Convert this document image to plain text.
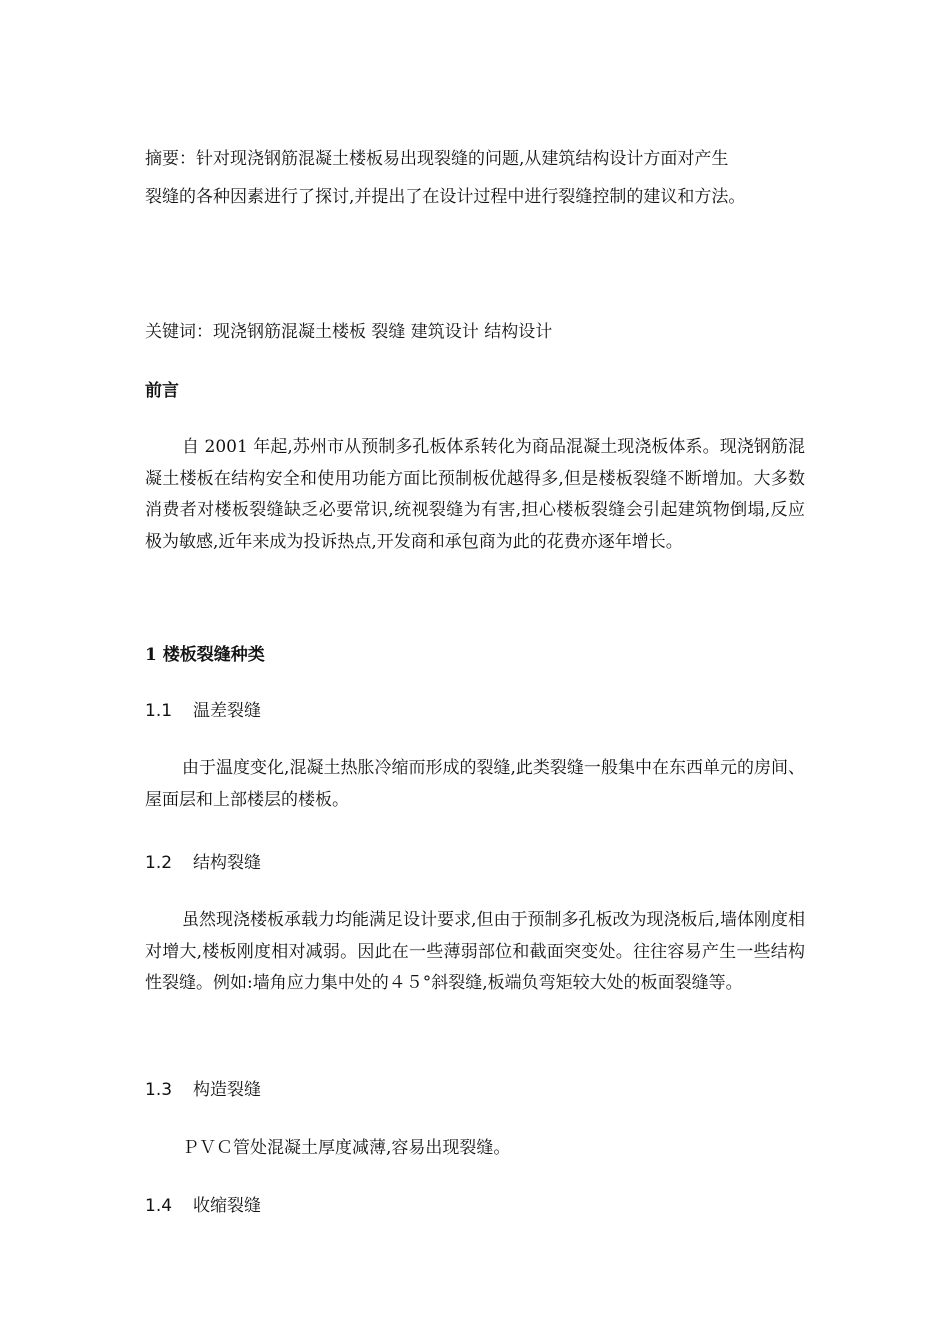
摘要：针对现浇钢筋混凝土楼板易出现裂缝的问题,从建筑结构设计方面对产生

裂缝的各种因素进行了探讨,并提出了在设计过程中进行裂缝控制的建议和方法。

关键词：现浇钢筋混凝土楼板 裂缝 建筑设计 结构设计

前言

自 2001 年起,苏州市从预制多孔板体系转化为商品混凝土现浇板体系。现浇钢筋混凝土楼板在结构安全和使用功能方面比预制板优越得多,但是楼板裂缝不断增加。大多数消费者对楼板裂缝缺乏必要常识,统视裂缝为有害,担心楼板裂缝会引起建筑物倒塌,反应极为敏感,近年来成为投诉热点,开发商和承包商为此的花费亦逐年增长。

1 楼板裂缝种类

1.1 温差裂缝

由于温度变化,混凝土热胀冷缩而形成的裂缝,此类裂缝一般集中在东西单元的房间、屋面层和上部楼层的楼板。

1.2 结构裂缝

虽然现浇楼板承载力均能满足设计要求,但由于预制多孔板改为现浇板后,墙体刚度相对增大,楼板刚度相对减弱。因此在一些薄弱部位和截面突变处。往往容易产生一些结构性裂缝。例如:墙角应力集中处的４５°斜裂缝,板端负弯矩较大处的板面裂缝等。

1.3 构造裂缝

ＰＶＣ管处混凝土厚度减薄,容易出现裂缝。

1.4 收缩裂缝
